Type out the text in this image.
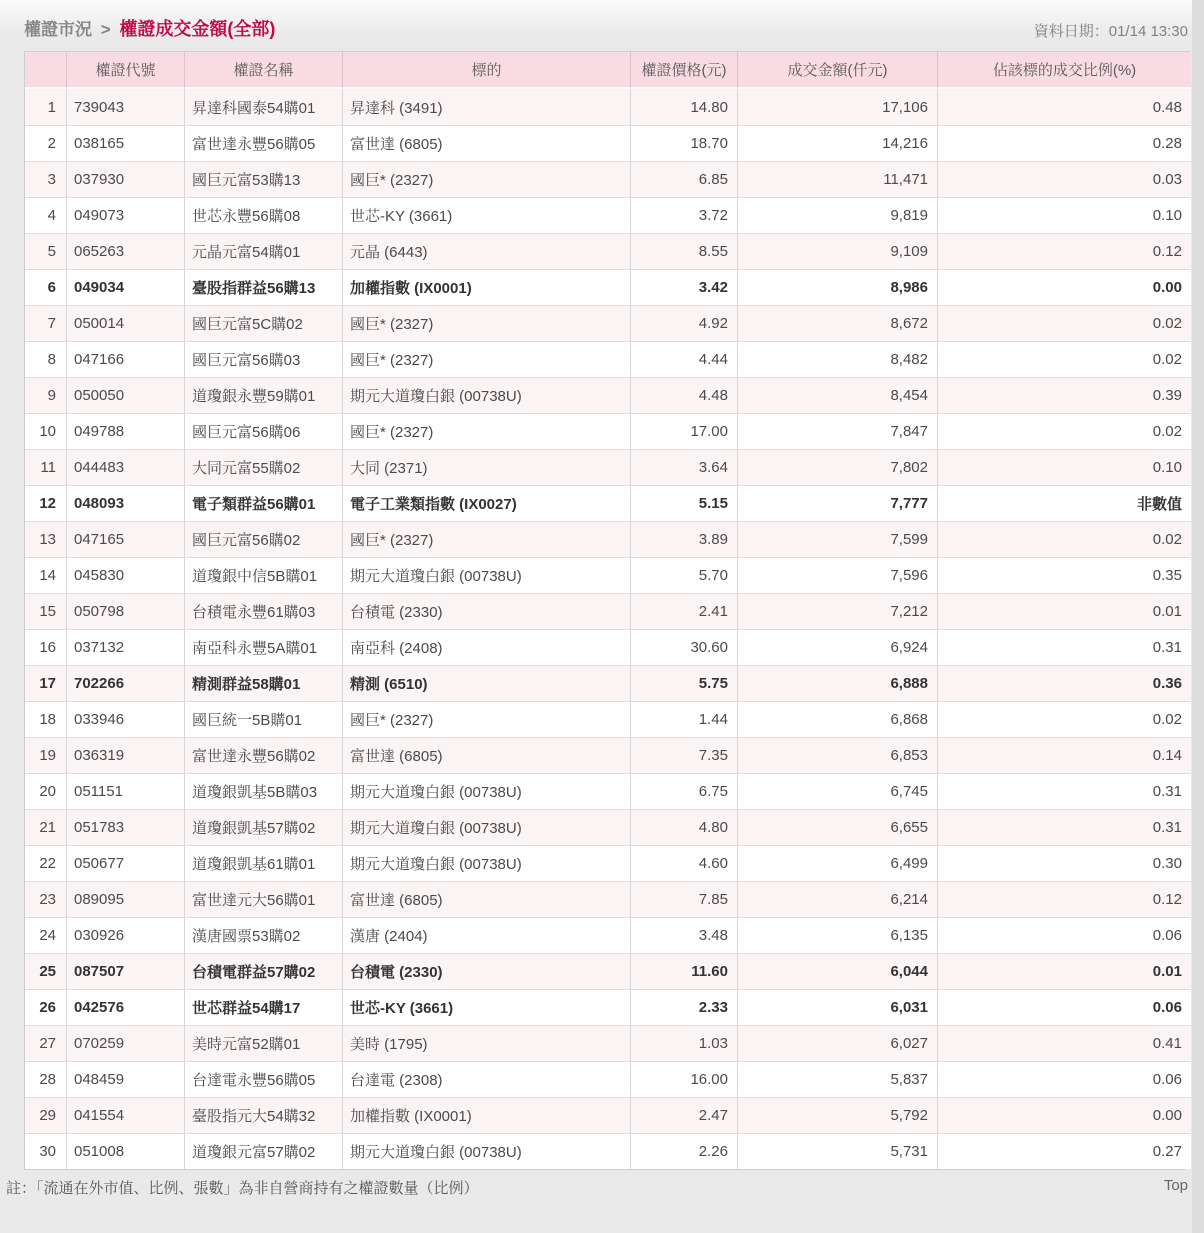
權證市況 > 權證成交金額(全部)	資料日期：01/14 13:30
	權證代號	權證名稱	標的	權證價格(元)	成交金額(仟元)	佔該標的成交比例(%)
1	739043	昇達科國泰54購01	昇達科 (3491)	14.80	17,106	0.48
2	038165	富世達永豐56購05	富世達 (6805)	18.70	14,216	0.28
3	037930	國巨元富53購13	國巨* (2327)	6.85	11,471	0.03
4	049073	世芯永豐56購08	世芯-KY (3661)	3.72	9,819	0.10
5	065263	元晶元富54購01	元晶 (6443)	8.55	9,109	0.12
6	049034	臺股指群益56購13	加權指數 (IX0001)	3.42	8,986	0.00
7	050014	國巨元富5C購02	國巨* (2327)	4.92	8,672	0.02
8	047166	國巨元富56購03	國巨* (2327)	4.44	8,482	0.02
9	050050	道瓊銀永豐59購01	期元大道瓊白銀 (00738U)	4.48	8,454	0.39
10	049788	國巨元富56購06	國巨* (2327)	17.00	7,847	0.02
11	044483	大同元富55購02	大同 (2371)	3.64	7,802	0.10
12	048093	電子類群益56購01	電子工業類指數 (IX0027)	5.15	7,777	非數值
13	047165	國巨元富56購02	國巨* (2327)	3.89	7,599	0.02
14	045830	道瓊銀中信5B購01	期元大道瓊白銀 (00738U)	5.70	7,596	0.35
15	050798	台積電永豐61購03	台積電 (2330)	2.41	7,212	0.01
16	037132	南亞科永豐5A購01	南亞科 (2408)	30.60	6,924	0.31
17	702266	精測群益58購01	精測 (6510)	5.75	6,888	0.36
18	033946	國巨統一5B購01	國巨* (2327)	1.44	6,868	0.02
19	036319	富世達永豐56購02	富世達 (6805)	7.35	6,853	0.14
20	051151	道瓊銀凱基5B購03	期元大道瓊白銀 (00738U)	6.75	6,745	0.31
21	051783	道瓊銀凱基57購02	期元大道瓊白銀 (00738U)	4.80	6,655	0.31
22	050677	道瓊銀凱基61購01	期元大道瓊白銀 (00738U)	4.60	6,499	0.30
23	089095	富世達元大56購01	富世達 (6805)	7.85	6,214	0.12
24	030926	漢唐國票53購02	漢唐 (2404)	3.48	6,135	0.06
25	087507	台積電群益57購02	台積電 (2330)	11.60	6,044	0.01
26	042576	世芯群益54購17	世芯-KY (3661)	2.33	6,031	0.06
27	070259	美時元富52購01	美時 (1795)	1.03	6,027	0.41
28	048459	台達電永豐56購05	台達電 (2308)	16.00	5,837	0.06
29	041554	臺股指元大54購32	加權指數 (IX0001)	2.47	5,792	0.00
30	051008	道瓊銀元富57購02	期元大道瓊白銀 (00738U)	2.26	5,731	0.27
註：「流通在外市值、比例、張數」為非自營商持有之權證數量（比例）	Top
